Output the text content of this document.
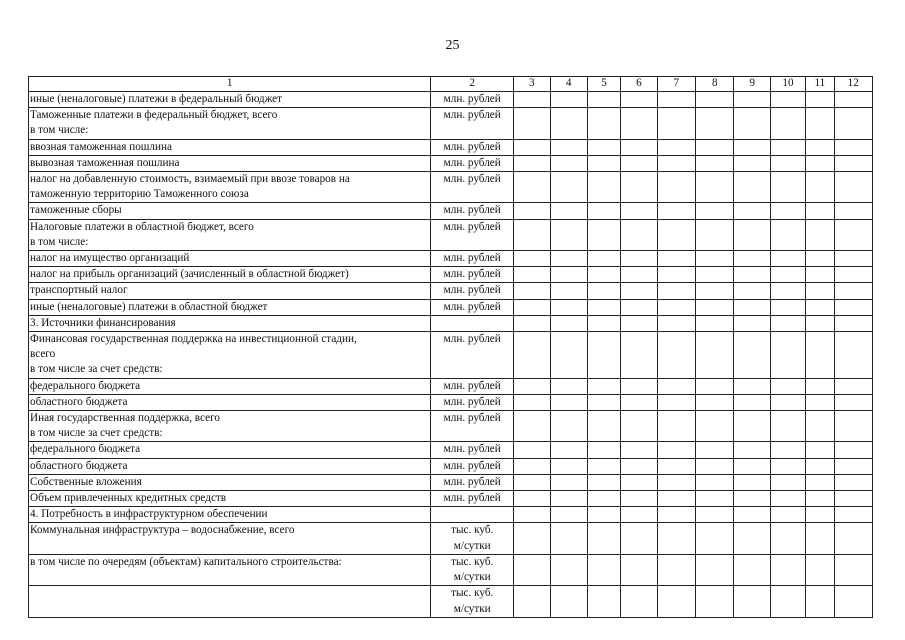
25
1	2	3	4	5	6	7	8	9	10	11	12

иные (неналоговые) платежи в федеральный бюджет	млн. рублей										

Таможенные платежи в федеральный бюджет, всего
в том числе:	млн. рублей										

ввозная таможенная пошлина	млн. рублей										

вывозная таможенная пошлина	млн. рублей										

налог на добавленную стоимость, взимаемый при ввозе товаров на
таможенную территорию Таможенного союза	млн. рублей										

таможенные сборы	млн. рублей										

Налоговые платежи в областной бюджет, всего
в том числе:	млн. рублей										

налог на имущество организаций	млн. рублей										

налог на прибыль организаций (зачисленный в областной бюджет)	млн. рублей										

транспортный налог	млн. рублей										

иные (неналоговые) платежи в областной бюджет	млн. рублей										

3. Источники финансирования											

Финансовая государственная поддержка на инвестиционной стадии,
всего
в том числе за счет средств:	млн. рублей										

федерального бюджета	млн. рублей										

областного бюджета	млн. рублей										

Иная государственная поддержка, всего
в том числе за счет средств:	млн. рублей										

федерального бюджета	млн. рублей										

областного бюджета	млн. рублей										

Собственные вложения	млн. рублей										

Объем привлеченных кредитных средств	млн. рублей										

4. Потребность в инфраструктурном обеспечении											

Коммунальная инфраструктура – водоснабжение, всего	тыс. куб.
м/сутки										

в том числе по очередям (объектам) капитального строительства:	тыс. куб.
м/сутки										

	тыс. куб.
м/сутки										
